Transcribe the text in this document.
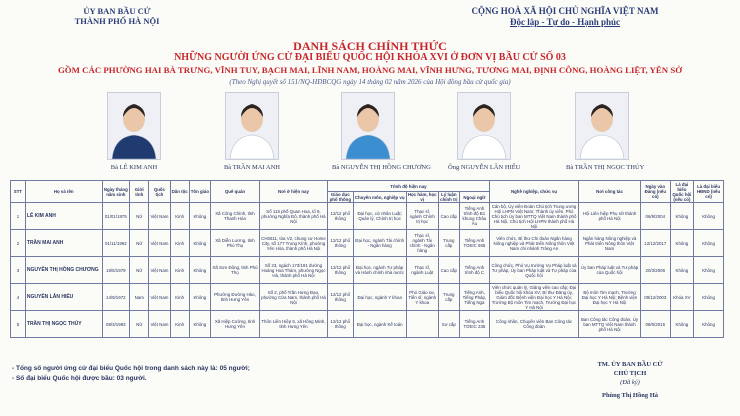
ỦY BAN BẦU CỬ
THÀNH PHỐ HÀ NỘI
CỘNG HOÀ XÃ HỘI CHỦ NGHĨA VIỆT NAM
Độc lập - Tự do - Hạnh phúc
DANH SÁCH CHÍNH THỨC
NHỮNG NGƯỜI ỨNG CỬ ĐẠI BIỂU QUỐC HỘI KHÓA XVI Ở ĐƠN VỊ BẦU CỬ SỐ 03
GỒM CÁC PHƯỜNG HAI BÀ TRƯNG, VĨNH TUY, BẠCH MAI, LĨNH NAM, HOÀNG MAI, VĨNH HƯNG, TƯƠNG MAI, ĐỊNH CÔNG, HOÀNG LIỆT, YÊN SỞ
(Theo Nghị quyết số 151/NQ-HĐBCQG ngày 14 tháng 02 năm 2026 của Hội đồng bầu cử quốc gia)
Bà LÊ KIM ANH	Bà TRẦN MAI ANH	Bà NGUYỄN THỊ HỒNG CHƯƠNG	Ông NGUYỄN LÂN HIẾU	Bà TRẦN THỊ NGỌC THÚY
STT	Họ và tên	Ngày tháng năm sinh	Giới tính	Quốc tịch	Dân tộc	Tôn giáo	Quê quán	Nơi ở hiện nay	Trình độ hiện nay					Nghề nghiệp, chức vụ	Nơi công tác	Ngày vào Đảng (nếu có)	Là đại biểu Quốc hội (nếu có)	Là đại biểu HĐND (nếu có)
									Giáo dục phổ thông	Chuyên môn, nghiệp vụ	Học hàm, học vị	Lý luận chính trị	Ngoại ngữ					
1	LÊ KIM ANH	01/01/1975	Nữ	Việt Nam	Kinh	Không	Xã Công Chính, tỉnh Thanh Hóa	Số 115 phố Quan Hoa, tổ 9, phường Nghĩa Đô, thành phố Hà Nội	12/12 phổ thông	Đại học, cử nhân Luật; Quản lý, Chính trị học	Thạc sĩ, ngành Chính trị học	Cao cấp	Tiếng Anh trình độ B1 khung Châu Âu	Cán bộ, Ủy viên Đoàn Chủ tịch Trung ương Hội LHPN Việt Nam; Thành ủy viên, Phó Chủ tịch Ủy ban MTTQ Việt Nam thành phố Hà Nội, Chủ tịch Hội LHPN thành phố Hà Nội	Hội Liên hiệp Phụ nữ thành phố Hà Nội	06/9/2004	Không	Không
2	TRẦN MAI ANH	01/11/1992	Nữ	Việt Nam	Kinh	Không	Xã Diễn Lương, tỉnh Phú Thọ	CH0611, tòa V2, chung cư Home City, số 177 Trung Kính, phường Yên Hòa, thành phố Hà Nội	12/12 phổ thông	Đại học, ngành Tài chính - Ngân hàng	Thạc sĩ, ngành Tài chính - Ngân hàng	Trung cấp	Tiếng Anh TOEIC 665	Viên chức, Bí thư Chi đoàn Ngân hàng Nông nghiệp và Phát triển Nông thôn Việt Nam chi nhánh Tràng An	Ngân hàng Nông nghiệp và Phát triển Nông thôn Việt Nam	12/12/2017	Không	Không
3	NGUYỄN THỊ HỒNG CHƯƠNG	19/5/1979	Nữ	Việt Nam	Kinh	Không	Xã Sơn Đông, tỉnh Phú Thọ	Số 23, ngách 173/191 đường Hoàng Hoa Thám, phường Ngọc Hà, thành phố Hà Nội	12/12 phổ thông	Đại học, ngành Tư pháp và Hành chính nhà nước	Thạc sĩ, ngành Luật	Cao cấp	Tiếng Anh trình độ C	Công chức, Phó Vụ trưởng Vụ Pháp luật và Tư pháp, Ủy ban Pháp luật và Tư pháp của Quốc hội	Ủy ban Pháp luật và Tư pháp của Quốc hội	20/3/2006	Không	Không
4	NGUYỄN LÂN HIẾU	14/9/1972	Nam	Việt Nam	Kinh	Không	Phường Đường Hào, tỉnh Hưng Yên	Số 2, phố Trần Hưng Đạo, phường Cửa Nam, thành phố Hà Nội	12/12 phổ thông	Đại học, ngành Y khoa	Phó Giáo sư, Tiến sĩ, ngành Y khoa	Trung cấp	Tiếng Anh, Tiếng Pháp, Tiếng Nga	Viên chức quản lý, Giảng viên cao cấp; Đại biểu Quốc hội khóa XV; Bí thư Đảng ủy, Giám đốc Bệnh viện Đại học Y Hà Nội; Trưởng Bộ môn Tim mạch, Trường Đại học Y Hà Nội	Bộ môn Tim mạch, Trường Đại học Y Hà Nội; Bệnh viện Đại học Y Hà Nội	09/12/2003	Khóa XV	Không
5	TRẦN THỊ NGỌC THÚY	08/3/1993	Nữ	Việt Nam	Kinh	Không	Xã Hiệp Cường, tỉnh Hưng Yên	Thôn Liên Hiệp 5, xã Hồng Minh, tỉnh Hưng Yên	12/12 phổ thông	Đại học, ngành Kế toán		Sơ cấp	Tiếng Anh TOEIC 235	Công nhân, Chuyên viên Ban Công tác Công đoàn	Ban Công tác Công đoàn, Ủy ban MTTQ Việt Nam thành phố Hà Nội	08/6/2015	Không	Không
- Tổng số người ứng cử đại biểu Quốc hội trong danh sách này là: 05 người;
- Số đại biểu Quốc hội được bầu: 03 người.
TM. ỦY BAN BẦU CỬ
CHỦ TỊCH
(Đã ký)
Phùng Thị Hồng Hà
